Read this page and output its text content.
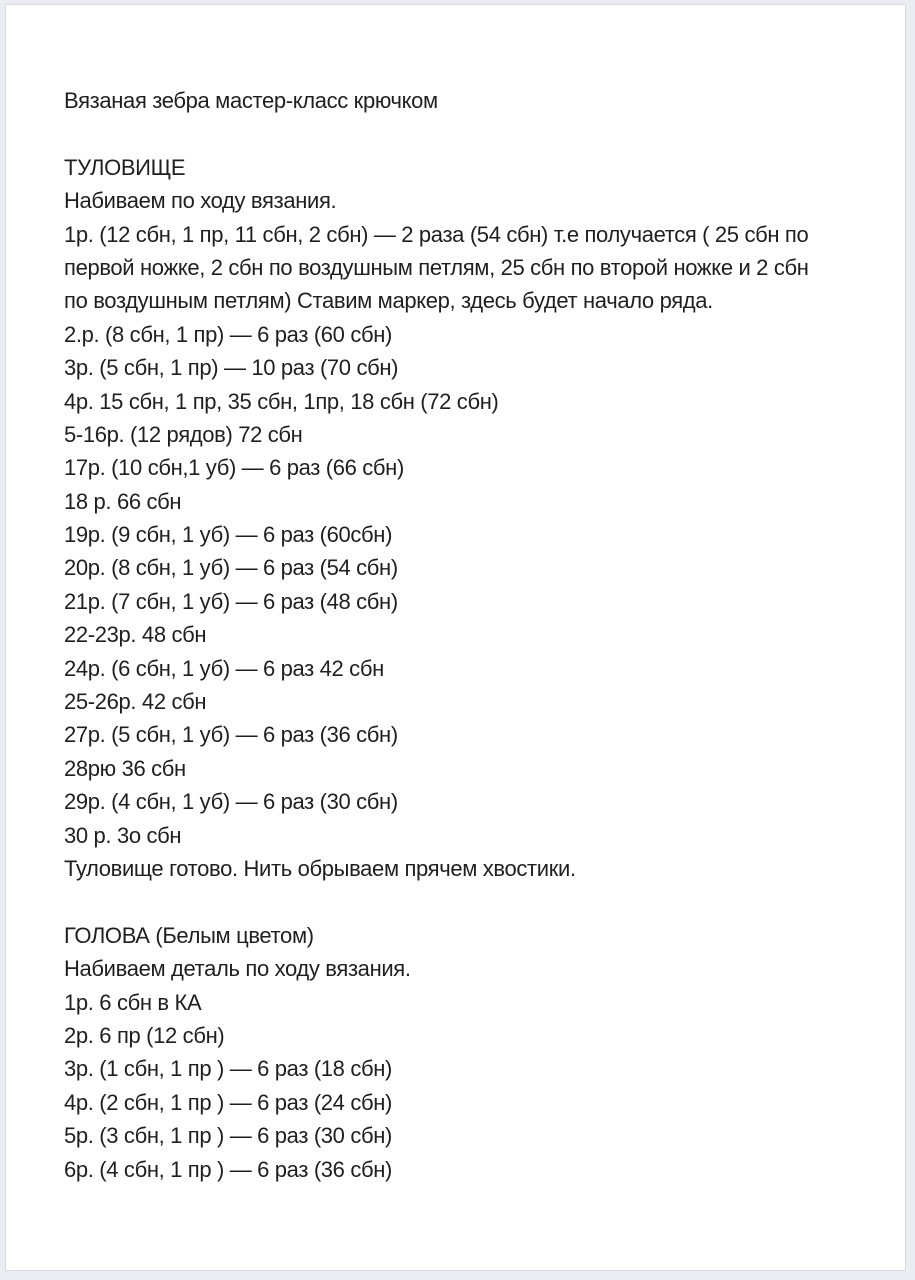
Вязаная зебра мастер-класс крючком
ТУЛОВИЩЕ
Набиваем по ходу вязания.
1р. (12 сбн, 1 пр, 11 сбн, 2 сбн) — 2 раза (54 сбн) т.е получается ( 25 сбн по
первой ножке, 2 сбн по воздушным петлям, 25 сбн по второй ножке и 2 сбн
по воздушным петлям) Ставим маркер, здесь будет начало ряда.
2.р. (8 сбн, 1 пр) — 6 раз (60 сбн)
3р. (5 сбн, 1 пр) — 10 раз (70 сбн)
4р. 15 сбн, 1 пр, 35 сбн, 1пр, 18 сбн (72 сбн)
5-16р. (12 рядов) 72 сбн
17р. (10 сбн,1 уб) — 6 раз (66 сбн)
18 р. 66 сбн
19р. (9 сбн, 1 уб) — 6 раз (60сбн)
20р. (8 сбн, 1 уб) — 6 раз (54 сбн)
21р. (7 сбн, 1 уб) — 6 раз (48 сбн)
22-23р. 48 сбн
24р. (6 сбн, 1 уб) — 6 раз 42 сбн
25-26р. 42 сбн
27р. (5 сбн, 1 уб) — 6 раз (36 сбн)
28рю 36 сбн
29р. (4 сбн, 1 уб) — 6 раз (30 сбн)
30 р. 3о сбн
Туловище готово. Нить обрываем прячем хвостики.
ГОЛОВА (Белым цветом)
Набиваем деталь по ходу вязания.
1р. 6 сбн в КА
2р. 6 пр (12 сбн)
3р. (1 сбн, 1 пр ) — 6 раз (18 сбн)
4р. (2 сбн, 1 пр ) — 6 раз (24 сбн)
5р. (3 сбн, 1 пр ) — 6 раз (30 сбн)
6р. (4 сбн, 1 пр ) — 6 раз (36 сбн)
